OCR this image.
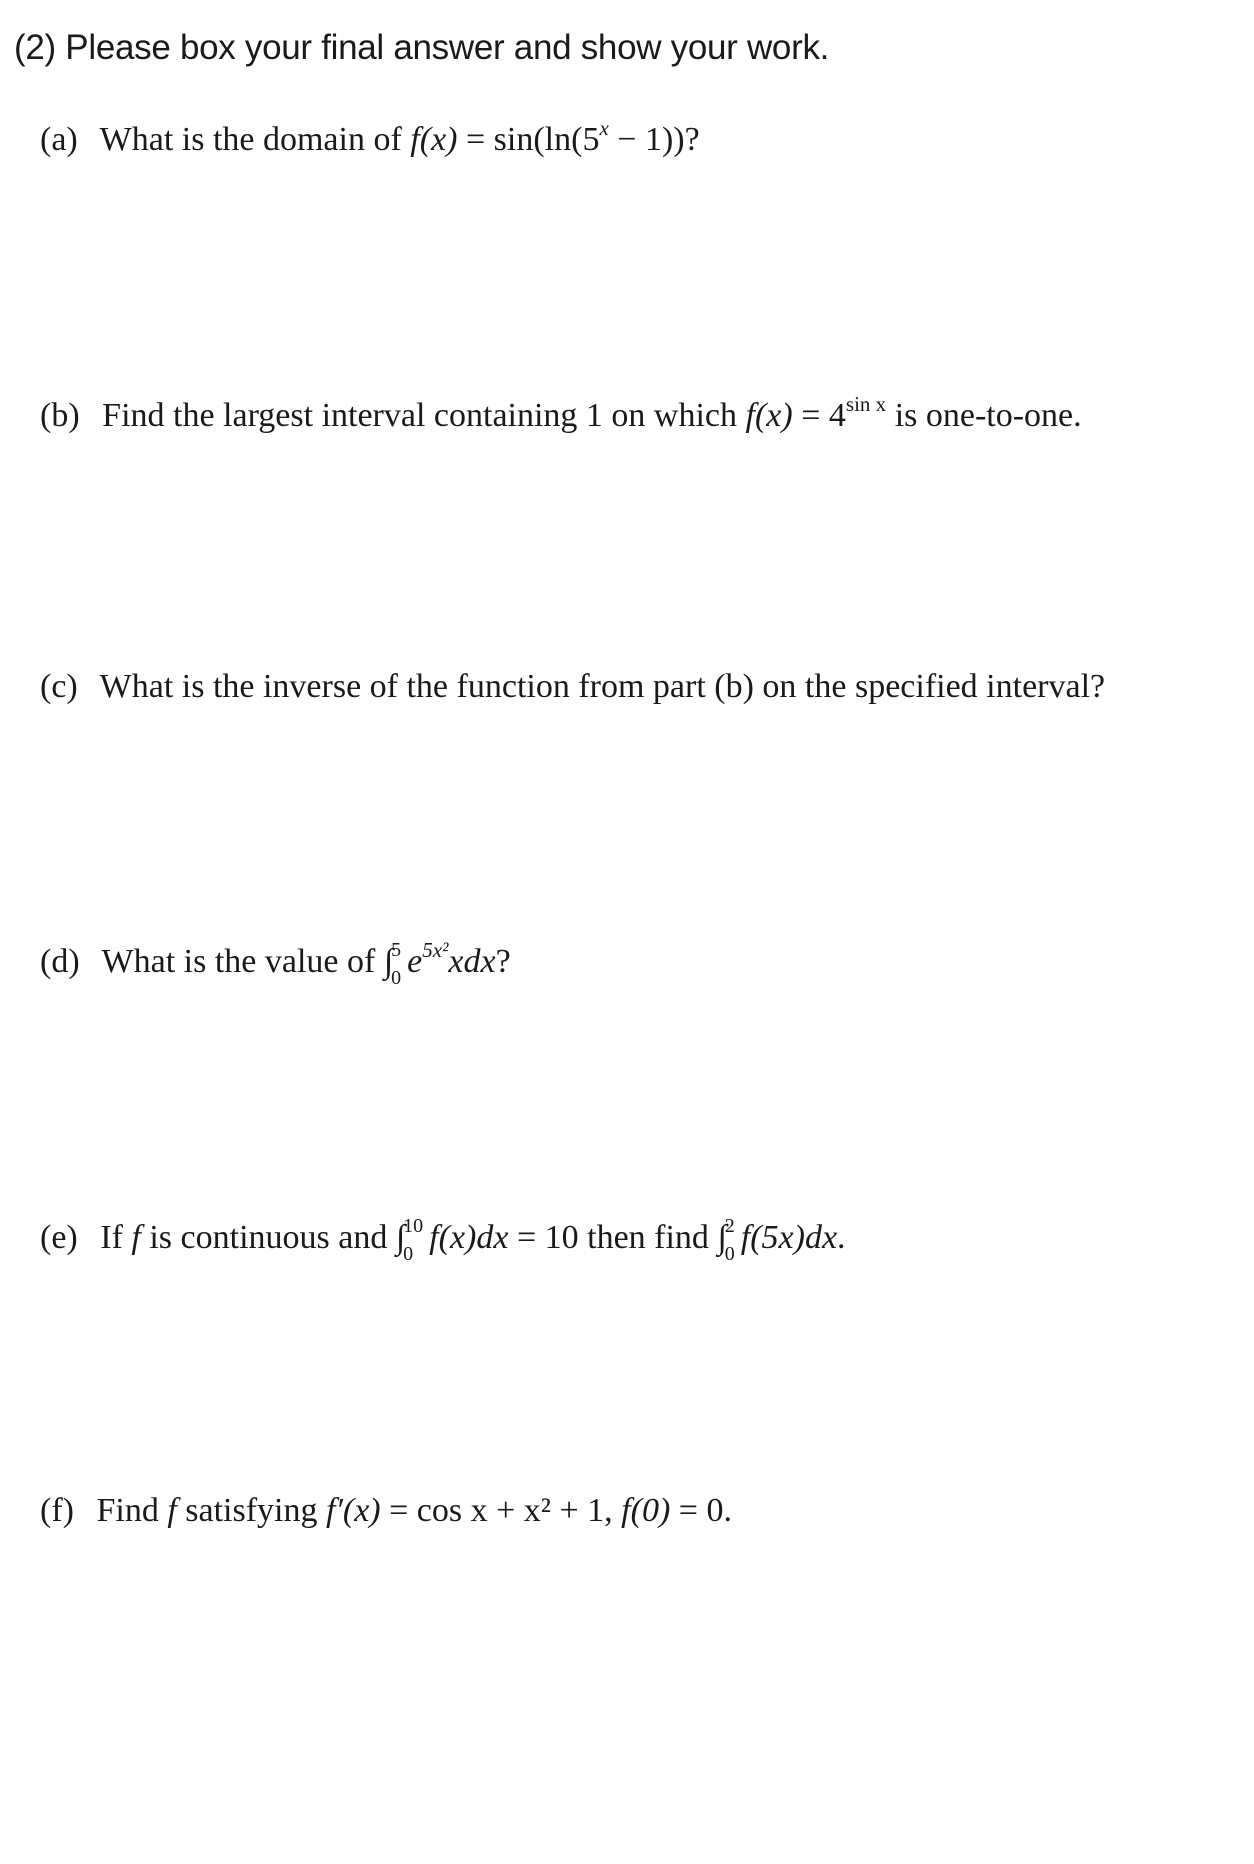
(2) Please box your final answer and show your work.
(a) What is the domain of $f(x) = \sin(\ln(5^x - 1))$?
(b) Find the largest interval containing 1 on which $f(x) = 4^{sin x}$ is one-to-one.
(c) What is the inverse of the function from part (b) on the specified interval?
(d) What is the value of ∫
5
0 $e^{5x^2}xdx$?
(e) If f is continuous and ∫
10
0 f(x)dx = 10 then find ∫
2
0 f(5x)dx.
(f) Find f satisfying f′(x) = cos x + x² + 1, f(0) = 0.
